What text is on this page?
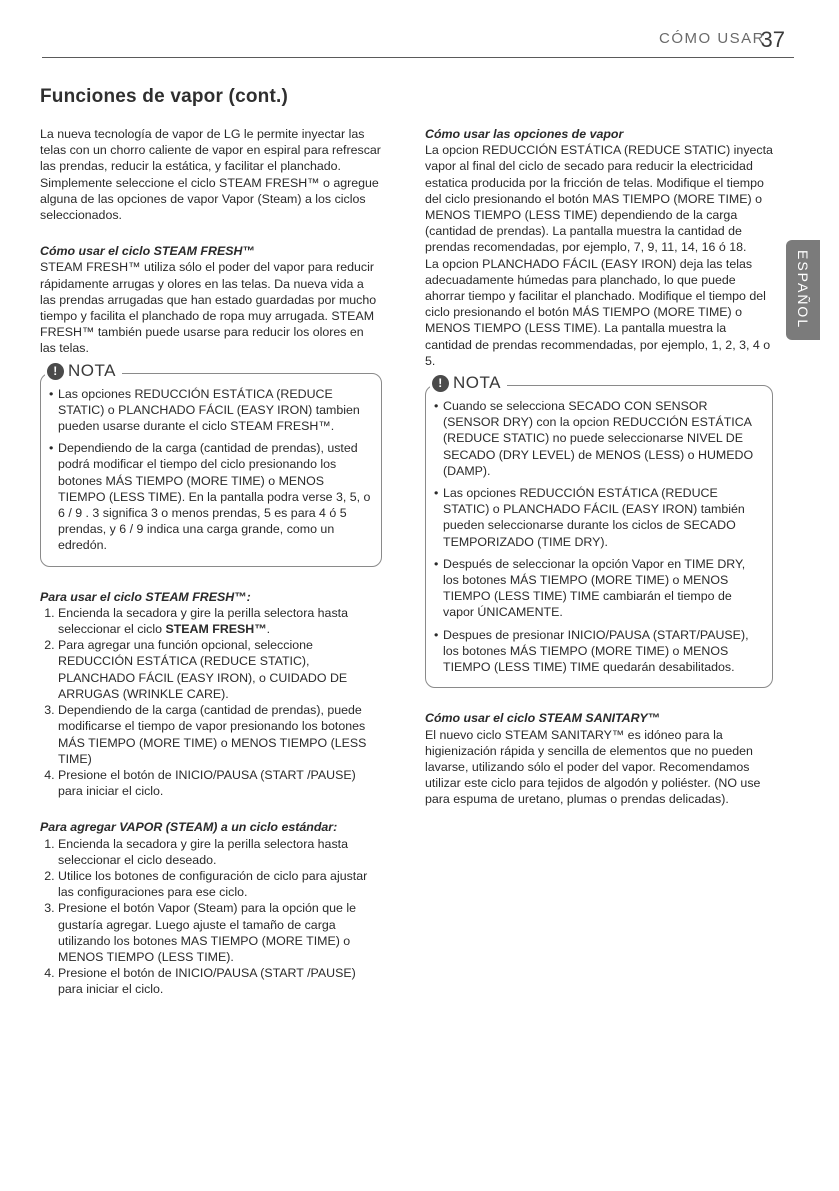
CÓMO USAR
37
ESPAÑOL
Funciones de vapor (cont.)

La nueva tecnología de vapor de LG le permite inyectar las telas con un chorro caliente de vapor en espiral para refrescar las prendas, reducir la estática, y facilitar el planchado. Simplemente seleccione el ciclo STEAM FRESH™ o agregue alguna de las opciones de vapor Vapor (Steam) a los ciclos seleccionados.

Cómo usar el ciclo STEAM FRESH™

STEAM FRESH™ utiliza sólo el poder del vapor para reducir rápidamente arrugas y olores en las telas. Da nueva vida a las prendas arrugadas que han estado guardadas por mucho tiempo y facilita el planchado de ropa muy arrugada. STEAM FRESH™ también puede usarse para reducir los olores en las telas.

! NOTA
• Las opciones REDUCCIÓN ESTÁTICA (REDUCE STATIC) o PLANCHADO FÁCIL (EASY IRON) tambien pueden usarse durante el ciclo STEAM FRESH™.
• Dependiendo de la carga (cantidad de prendas), usted podrá modificar el tiempo del ciclo presionando los botones MÁS TIEMPO (MORE TIME) o MENOS TIEMPO (LESS TIME). En la pantalla podra verse 3, 5, o 6 / 9 . 3 significa 3 o menos prendas, 5 es para 4 ó 5 prendas, y 6 / 9 indica una carga grande, como un edredón.

Para usar el ciclo STEAM FRESH™:

1. Encienda la secadora y gire la perilla selectora hasta seleccionar el ciclo STEAM FRESH™.
2. Para agregar una función opcional, seleccione REDUCCIÓN ESTÁTICA (REDUCE STATIC), PLANCHADO FÁCIL (EASY IRON), o CUIDADO DE ARRUGAS (WRINKLE CARE).
3. Dependiendo de la carga (cantidad de prendas), puede modificarse el tiempo de vapor presionando los botones MÁS TIEMPO (MORE TIME) o MENOS TIEMPO (LESS TIME)
4. Presione el botón de INICIO/PAUSA (START /PAUSE) para iniciar el ciclo.

Para agregar VAPOR (STEAM) a un ciclo estándar:

1. Encienda la secadora y gire la perilla selectora hasta seleccionar el ciclo deseado.
2. Utilice los botones de configuración de ciclo para ajustar las configuraciones para ese ciclo.
3. Presione el botón Vapor (Steam) para la opción que le gustaría agregar. Luego ajuste el tamaño de carga utilizando los botones MAS TIEMPO (MORE TIME) o MENOS TIEMPO (LESS TIME).
4. Presione el botón de INICIO/PAUSA (START /PAUSE) para iniciar el ciclo.

Cómo usar las opciones de vapor

La opcion REDUCCIÓN ESTÁTICA (REDUCE STATIC) inyecta vapor al final del ciclo de secado para reducir la electricidad estatica producida por la fricción de telas. Modifique el tiempo del ciclo presionando el botón MAS TIEMPO (MORE TIME) o MENOS TIEMPO (LESS TIME) dependiendo de la carga (cantidad de prendas). La pantalla muestra la cantidad de prendas recomendadas, por ejemplo, 7, 9, 11, 14, 16 ó 18.

La opcion PLANCHADO FÁCIL (EASY IRON) deja las telas adecuadamente húmedas para planchado, lo que puede ahorrar tiempo y facilitar el planchado. Modifique el tiempo del ciclo presionando el botón MÁS TIEMPO (MORE TIME) o MENOS TIEMPO (LESS TIME). La pantalla muestra la cantidad de prendas recommendadas, por ejemplo, 1, 2, 3, 4 o 5.

! NOTA
• Cuando se selecciona SECADO CON SENSOR (SENSOR DRY) con la opcion REDUCCIÓN ESTÁTICA (REDUCE STATIC) no puede seleccionarse NIVEL DE SECADO (DRY LEVEL) de MENOS (LESS) o HUMEDO (DAMP).
• Las opciones REDUCCIÓN ESTÁTICA (REDUCE STATIC) o PLANCHADO FÁCIL (EASY IRON) también pueden seleccionarse durante los ciclos de SECADO TEMPORIZADO (TIME DRY).
• Después de seleccionar la opción Vapor en TIME DRY, los botones MÁS TIEMPO (MORE TIME) o MENOS TIEMPO (LESS TIME) TIME cambiarán el tiempo de vapor ÚNICAMENTE.
• Despues de presionar INICIO/PAUSA (START/PAUSE), los botones MÁS TIEMPO (MORE TIME) o MENOS TIEMPO (LESS TIME) TIME quedarán desabilitados.

Cómo usar el ciclo STEAM SANITARY™

El nuevo ciclo STEAM SANITARY™ es idóneo para la higienización rápida y sencilla de elementos que no pueden lavarse, utilizando sólo el poder del vapor. Recomendamos utilizar este ciclo para tejidos de algodón y poliéster. (NO use para espuma de uretano, plumas o prendas delicadas).
